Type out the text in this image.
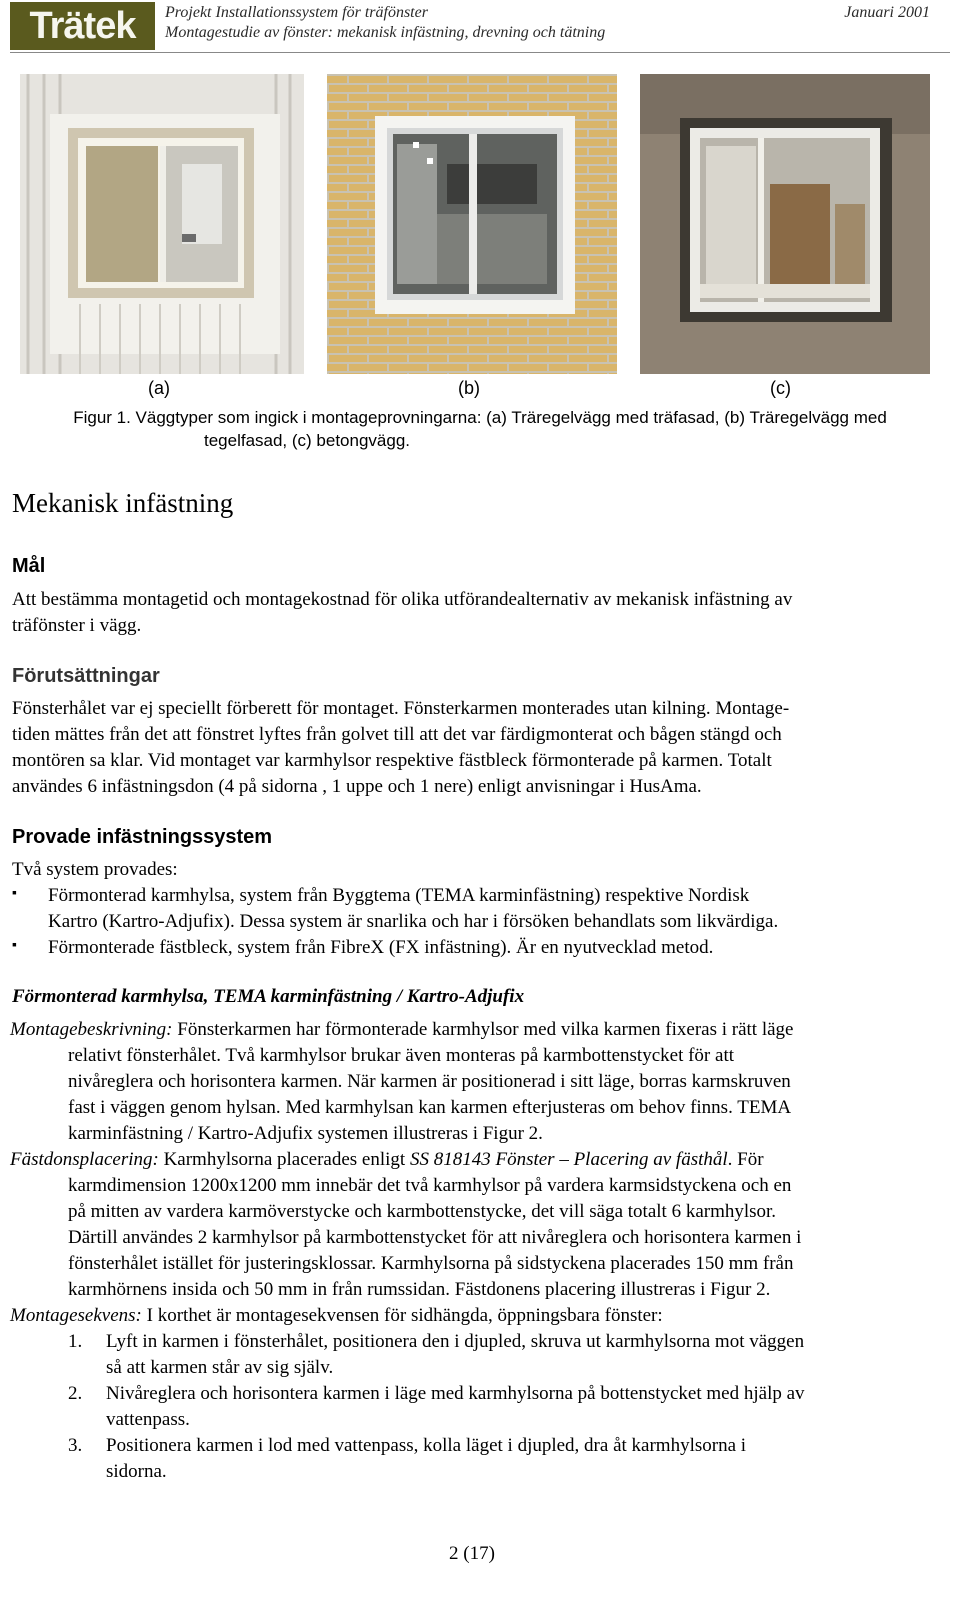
Trätek	Projekt Installationssystem för träfönster	Januari 2001
Montagestudie av fönster: mekanisk infästning, drevning och tätning
(a)	(b)	(c)
Figur 1. Väggtyper som ingick i montageprovningarna: (a) Träregelvägg med träfasad, (b) Träregelvägg med
tegelfasad, (c) betongvägg.
Mekanisk infästning
Mål
Att bestämma montagetid och montagekostnad för olika utförandealternativ av mekanisk infästning av
träfönster i vägg.
Förutsättningar
Fönsterhålet var ej speciellt förberett för montaget. Fönsterkarmen monterades utan kilning. Montage-
tiden mättes från det att fönstret lyftes från golvet till att det var färdigmonterat och bågen stängd och
montören sa klar. Vid montaget var karmhylsor respektive fästbleck förmonterade på karmen. Totalt
användes 6 infästningsdon (4 på sidorna , 1 uppe och 1 nere) enligt anvisningar i HusAma.
Provade infästningssystem
Två system provades:
▪ Förmonterad karmhylsa, system från Byggtema (TEMA karminfästning) respektive Nordisk
Kartro (Kartro-Adjufix). Dessa system är snarlika och har i försöken behandlats som likvärdiga.
▪ Förmonterade fästbleck, system från FibreX (FX infästning). Är en nyutvecklad metod.
Förmonterad karmhylsa, TEMA karminfästning / Kartro-Adjufix
Montagebeskrivning: Fönsterkarmen har förmonterade karmhylsor med vilka karmen fixeras i rätt läge
relativt fönsterhålet. Två karmhylsor brukar även monteras på karmbottenstycket för att
nivåreglera och horisontera karmen. När karmen är positionerad i sitt läge, borras karmskruven
fast i väggen genom hylsan. Med karmhylsan kan karmen efterjusteras om behov finns. TEMA
karminfästning / Kartro-Adjufix systemen illustreras i Figur 2.
Fästdonsplacering: Karmhylsorna placerades enligt SS 818143 Fönster – Placering av fästhål. För
karmdimension 1200x1200 mm innebär det två karmhylsor på vardera karmsidstyckena och en
på mitten av vardera karmöverstycke och karmbottenstycke, det vill säga totalt 6 karmhylsor.
Därtill användes 2 karmhylsor på karmbottenstycket för att nivåreglera och horisontera karmen i
fönsterhålet istället för justeringsklossar. Karmhylsorna på sidstyckena placerades 150 mm från
karmhörnens insida och 50 mm in från rumssidan. Fästdonens placering illustreras i Figur 2.
Montagesekvens: I korthet är montagesekvensen för sidhängda, öppningsbara fönster:
1. Lyft in karmen i fönsterhålet, positionera den i djupled, skruva ut karmhylsorna mot väggen
så att karmen står av sig själv.
2. Nivåreglera och horisontera karmen i läge med karmhylsorna på bottenstycket med hjälp av
vattenpass.
3. Positionera karmen i lod med vattenpass, kolla läget i djupled, dra åt karmhylsorna i
sidorna.
2 (17)
